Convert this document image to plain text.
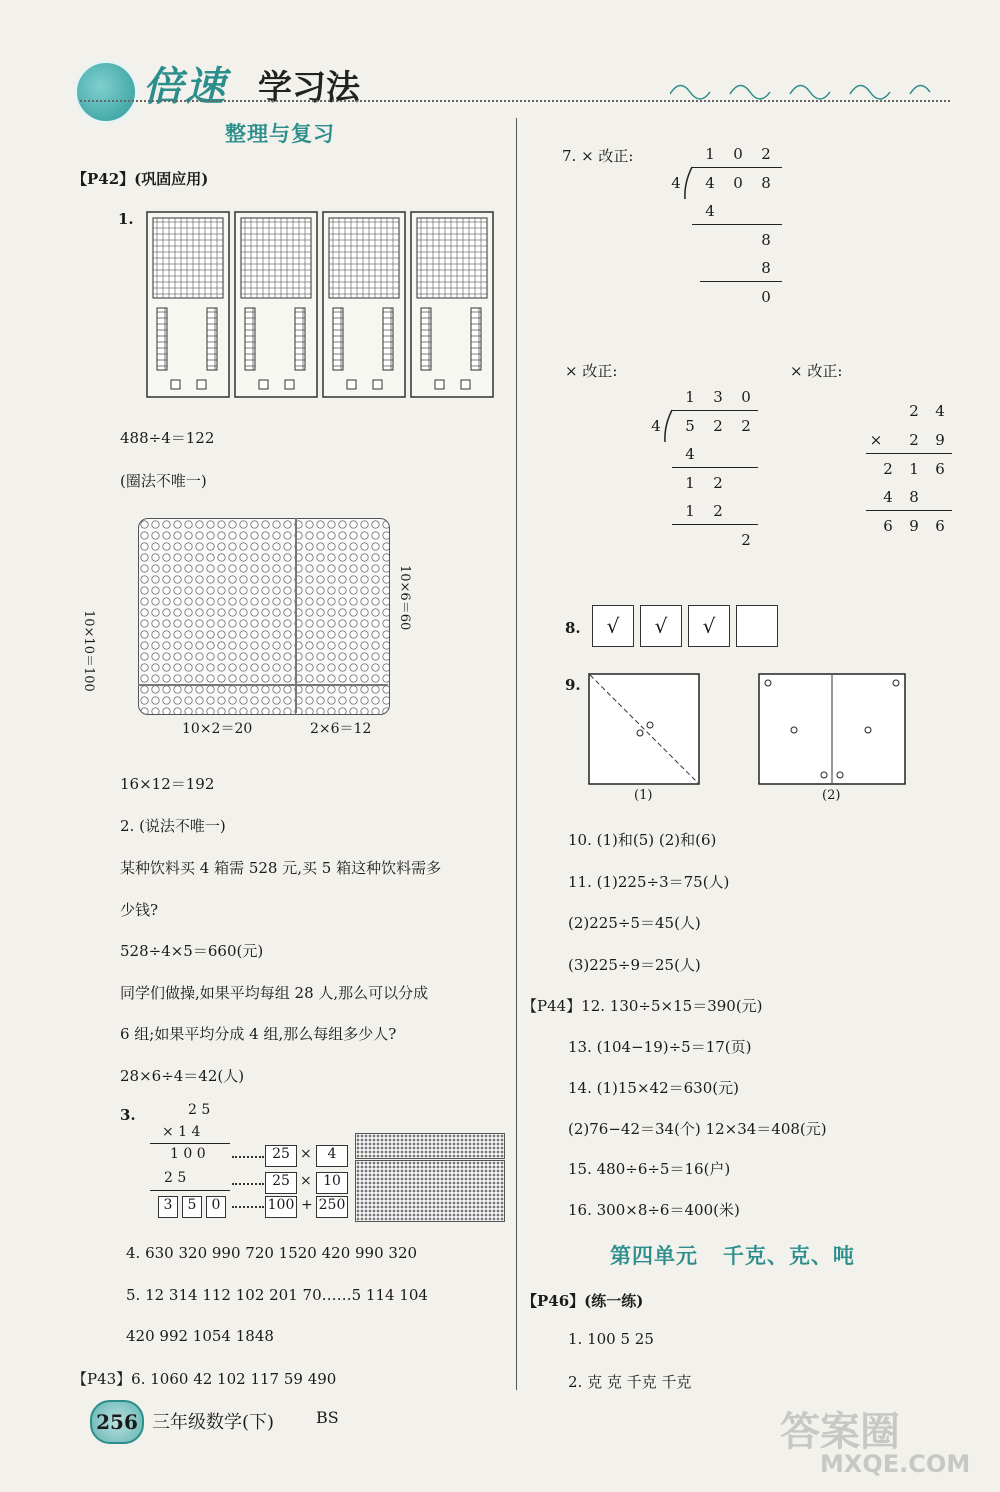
倍速 学习法
整理与复习
【P42】(巩固应用)
1.
488÷4＝122
(圈法不唯一)
10×10＝100
10×6＝60
10×2＝20	2×6＝12
16×12＝192
2. (说法不唯一)
某种饮料买 4 箱需 528 元,买 5 箱这种饮料需多
少钱?
528÷4×5＝660(元)
同学们做操,如果平均每组 28 人,那么可以分成
6 组;如果平均分成 4 组,那么每组多少人?
28×6÷4＝42(人)
3.	2 5
× 1 4
1 0 0
2 5
3	5	0
25 ×	4
25 × 10
100 + 250
4. 630 320 990 720 1520 420 990 320
5. 12 314 112 102 201 70……5 114 104
420 992 1054 1848
【P43】6. 1060 42 102 117 59 490
7. × 改正:	1	0	2
4	4	0	8
4
8
8
0
× 改正:	× 改正:
1	3	0
4	5	2	2
4
1	2
1	2
2
2	4
×	2	9
2	1	6
4	8
6	9	6
8.	√	√	√
9.
(1)	(2)
10. (1)和(5) (2)和(6)
11. (1)225÷3＝75(人)
(2)225÷5＝45(人)
(3)225÷9＝25(人)
【P44】12. 130÷5×15＝390(元)
13. (104−19)÷5＝17(页)
14. (1)15×42＝630(元)
(2)76−42＝34(个) 12×34＝408(元)
15. 480÷6÷5＝16(户)
16. 300×8÷6＝400(米)
第四单元   千克、克、吨
【P46】(练一练)
1. 100 5 25
2. 克 克 千克 千克
256 三年级数学(下)	BS	答案圈
MXQE.COM
